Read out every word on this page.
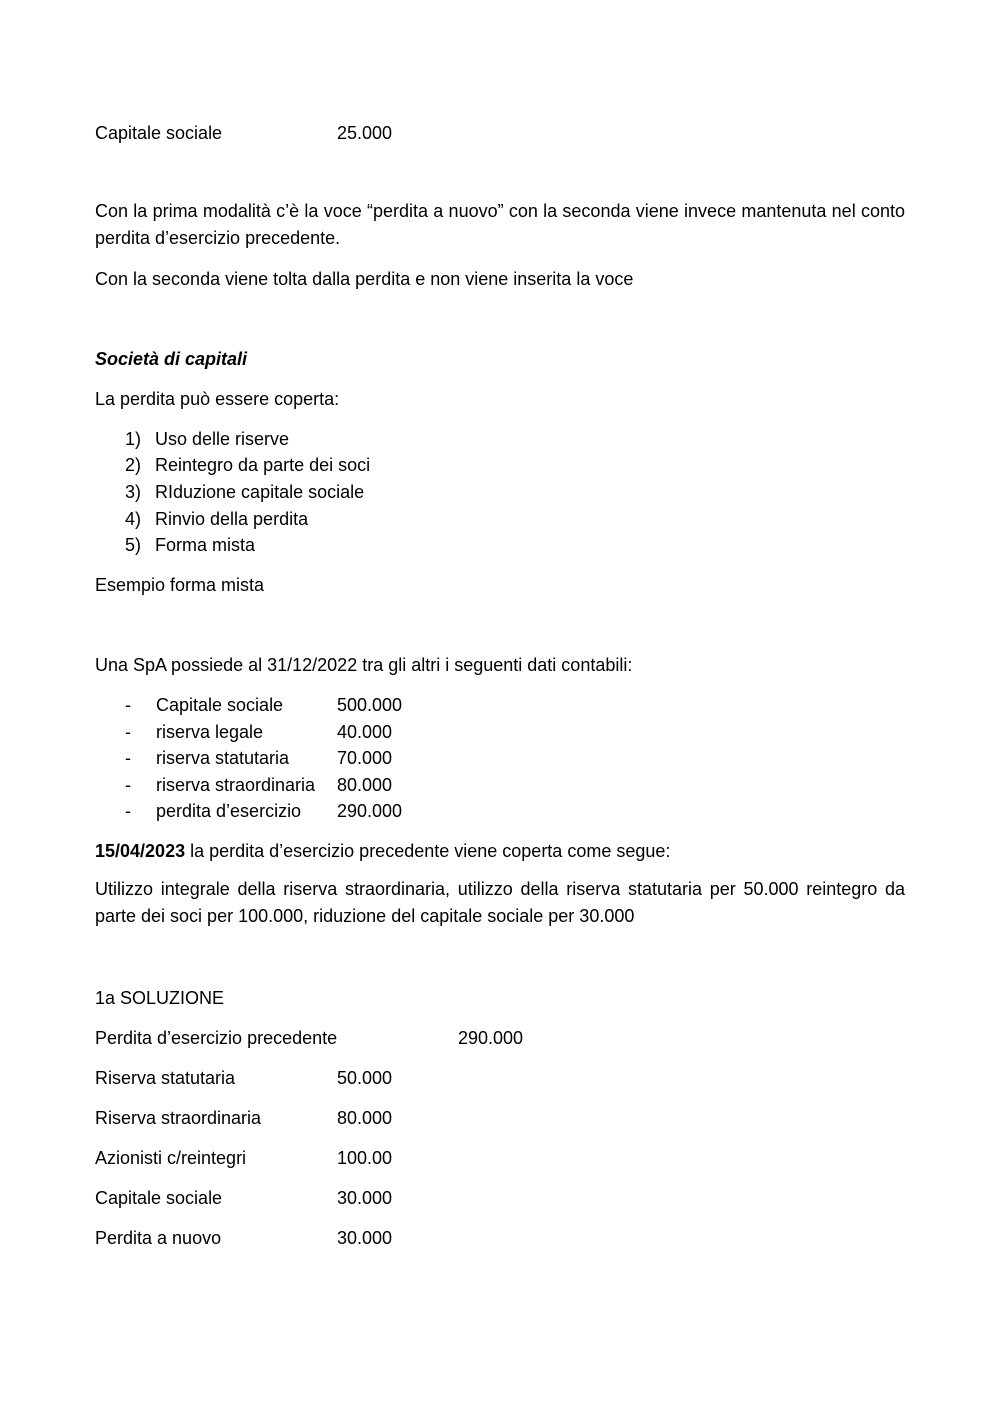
Capitale sociale	25.000
Con la prima modalità c’è la voce “perdita a nuovo” con la seconda viene invece mantenuta nel conto perdita d’esercizio precedente.
Con la seconda viene tolta dalla perdita e non viene inserita la voce
Società di capitali
La perdita può essere coperta:
1) Uso delle riserve
2) Reintegro da parte dei soci
3) RIduzione capitale sociale
4) Rinvio della perdita
5) Forma mista
Esempio forma mista
Una SpA possiede al 31/12/2022 tra gli altri i seguenti dati contabili:
-	Capitale sociale	500.000
-	riserva legale	40.000
-	riserva statutaria	70.000
-	riserva straordinaria 80.000
-	perdita d’esercizio 290.000
15/04/2023 la perdita d’esercizio precedente viene coperta come segue:
Utilizzo integrale della riserva straordinaria, utilizzo della riserva statutaria per 50.000 reintegro da parte dei soci per 100.000, riduzione del capitale sociale per 30.000
1a SOLUZIONE
Perdita d’esercizio precedente	290.000
Riserva statutaria	50.000
Riserva straordinaria	80.000
Azionisti c/reintegri	100.00
Capitale sociale	30.000
Perdita a nuovo	30.000
